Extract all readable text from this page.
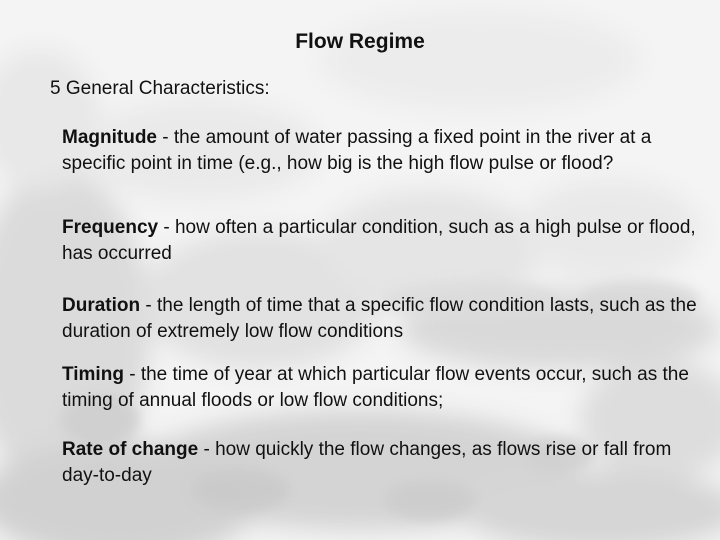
Flow Regime
5 General Characteristics:
Magnitude - the amount of water passing a fixed point in the river at a specific point in time (e.g., how big is the high flow pulse or flood?
Frequency - how often a particular condition, such as a high pulse or flood, has occurred
Duration - the length of time that a specific flow condition lasts, such as the duration of extremely low flow conditions
Timing - the time of year at which particular flow events occur, such as the timing of annual floods or low flow conditions;
Rate of change - how quickly the flow changes, as flows rise or fall from day-to-day
